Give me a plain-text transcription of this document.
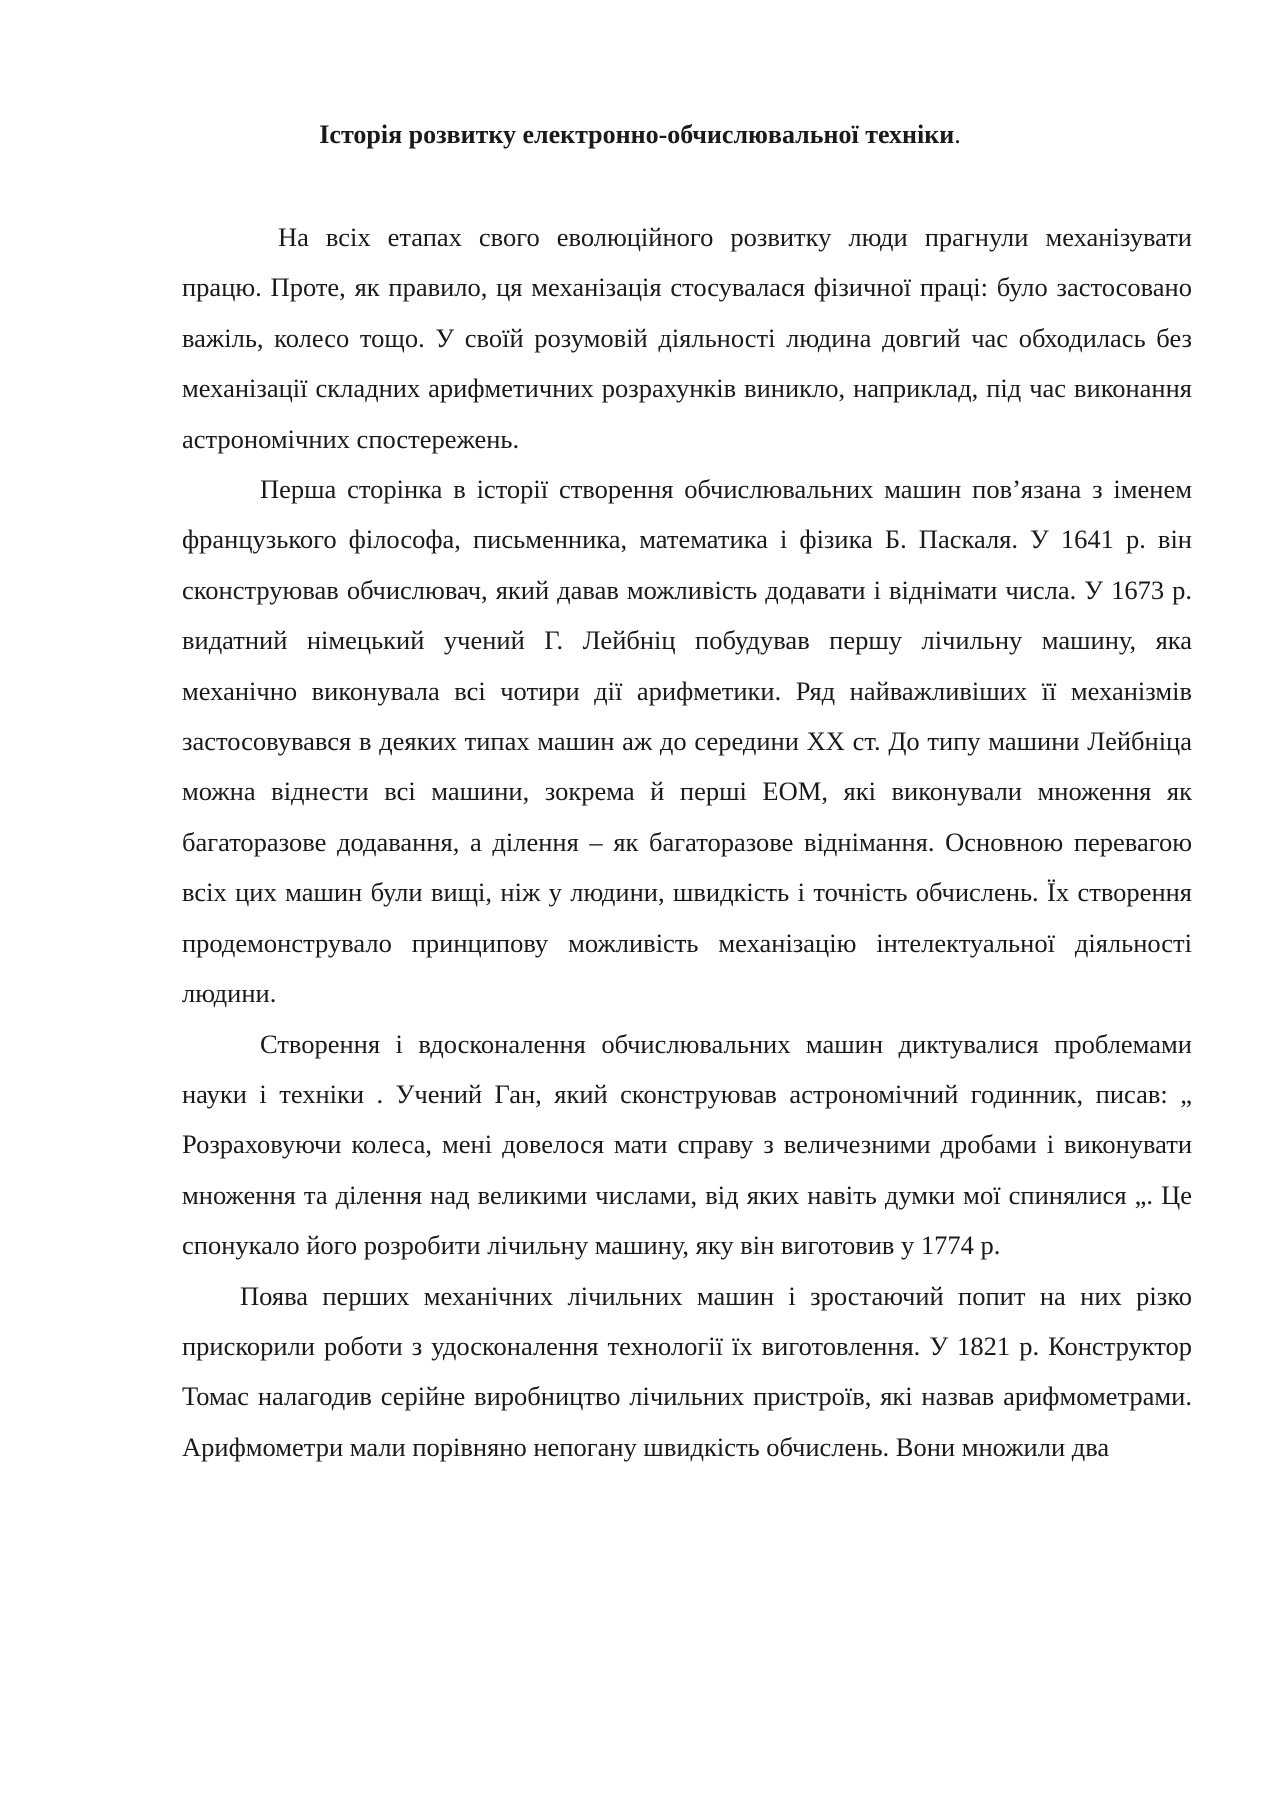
Історія розвитку електронно-обчислювальної техніки.

На всіх етапах свого еволюційного розвитку люди прагнули механізувати працю. Проте, як правило, ця механізація стосувалася фізичної праці: було застосовано важіль, колесо тощо. У своїй розумовій діяльності людина довгий час обходилась без механізації складних арифметичних розрахунків виникло, наприклад, під час виконання астрономічних спостережень.

Перша сторінка в історії створення обчислювальних машин пов’язана з іменем французького філософа, письменника, математика і фізика Б. Паскаля. У 1641 р. він сконструював обчислювач, який давав можливість додавати і віднімати числа. У 1673 р. видатний німецький учений Г. Лейбніц побудував першу лічильну машину, яка механічно виконувала всі чотири дії арифметики. Ряд найважливіших її механізмів застосовувався в деяких типах машин аж до середини XX ст. До типу машини Лейбніца можна віднести всі машини, зокрема й перші ЕОМ, які виконували множення як багаторазове додавання, а ділення – як багаторазове віднімання. Основною перевагою всіх цих машин були вищі, ніж у людини, швидкість і точність обчислень. Їх створення продемонструвало принципову можливість механізацію інтелектуальної діяльності людини.

Створення і вдосконалення обчислювальних машин диктувалися проблемами науки і техніки . Учений Ган, який сконструював астрономічний годинник, писав: „ Розраховуючи колеса, мені довелося мати справу з величезними дробами і виконувати множення та ділення над великими числами, від яких навіть думки мої спинялися „. Це спонукало його розробити лічильну машину, яку він виготовив у 1774 р.

Поява перших механічних лічильних машин і зростаючий попит на них різко прискорили роботи з удосконалення технології їх виготовлення. У 1821 р. Конструктор Томас налагодив серійне виробництво лічильних пристроїв, які назвав арифмометрами. Арифмометри мали порівняно непогану швидкість обчислень. Вони множили два
